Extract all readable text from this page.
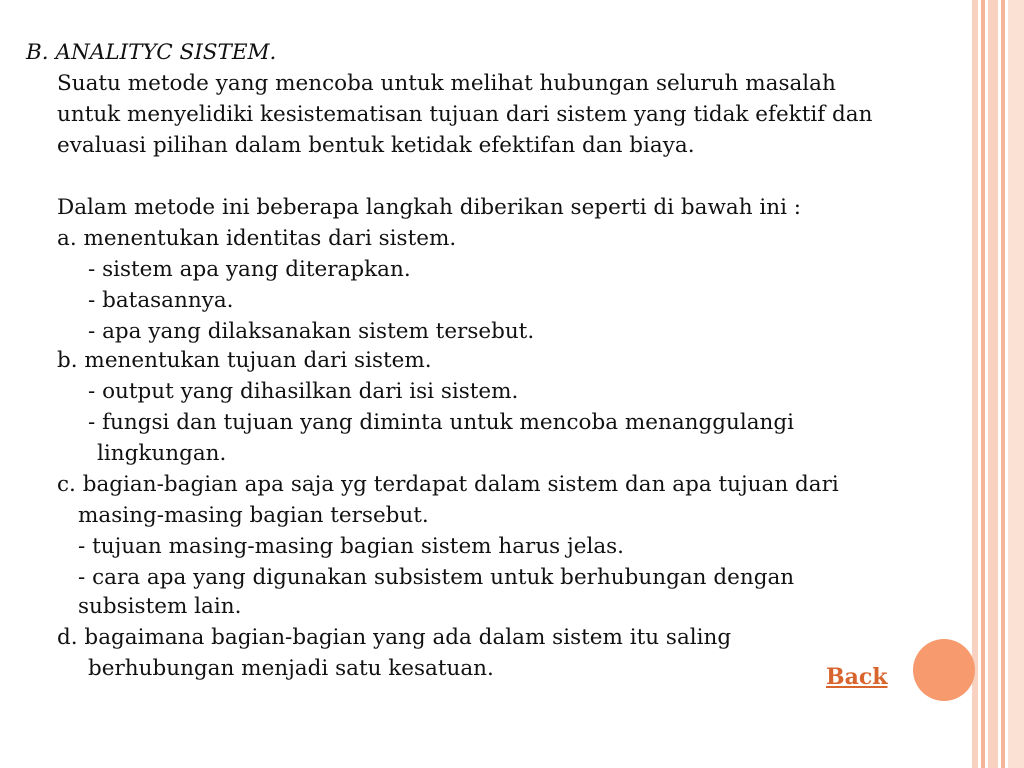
B. ANALITYC SISTEM.
Suatu metode yang mencoba untuk melihat hubungan seluruh masalah
untuk menyelidiki kesistematisan tujuan dari sistem yang tidak efektif dan
evaluasi pilihan dalam bentuk ketidak efektifan dan biaya.
Dalam metode ini beberapa langkah diberikan seperti di bawah ini :
a. menentukan identitas dari sistem.
- sistem apa yang diterapkan.
- batasannya.
- apa yang dilaksanakan sistem tersebut.
b. menentukan tujuan dari sistem.
- output yang dihasilkan dari isi sistem.
- fungsi dan tujuan yang diminta untuk mencoba menanggulangi
lingkungan.
c. bagian-bagian apa saja yg terdapat dalam sistem dan apa tujuan dari
masing-masing bagian tersebut.
- tujuan masing-masing bagian sistem harus jelas.
- cara apa yang digunakan subsistem untuk berhubungan dengan
subsistem lain.
d. bagaimana bagian-bagian yang ada dalam sistem itu saling
berhubungan menjadi satu kesatuan.	Back
